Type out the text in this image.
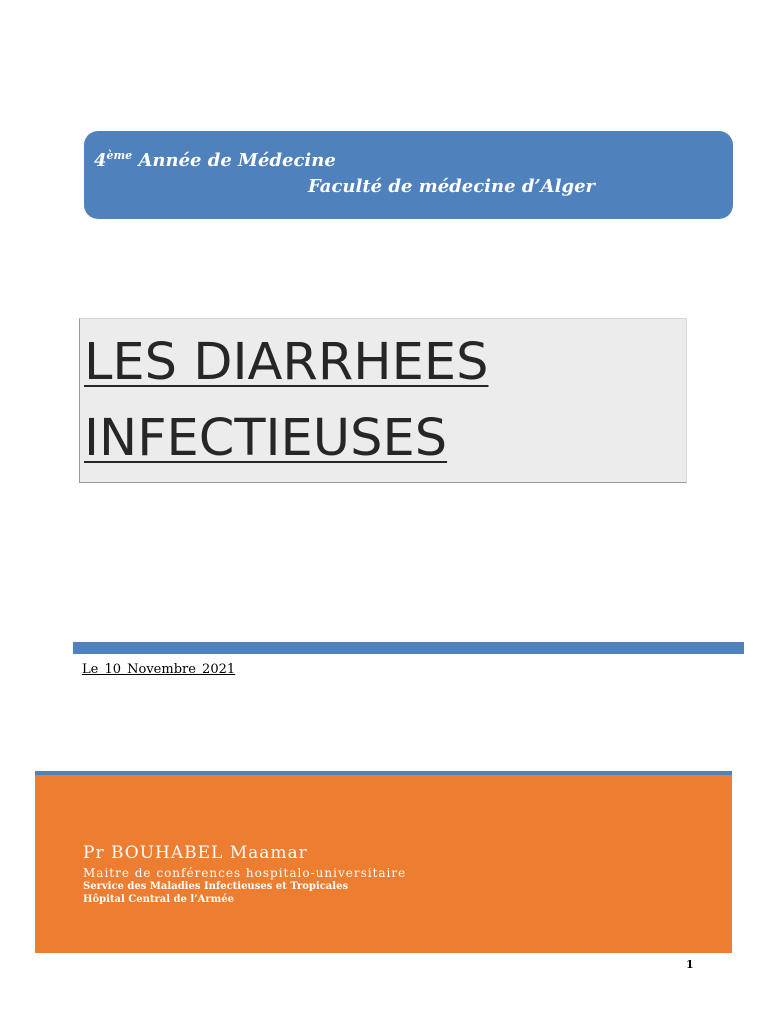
4ème Année de Médecine
Faculté de médecine d’Alger
LES DIARRHEES
INFECTIEUSES
Le 10 Novembre 2021
Pr BOUHABEL Maamar
Maitre de conférences hospitalo-universitaire
Service des Maladies Infectieuses et Tropicales
Hôpital Central de l’Armée
1
